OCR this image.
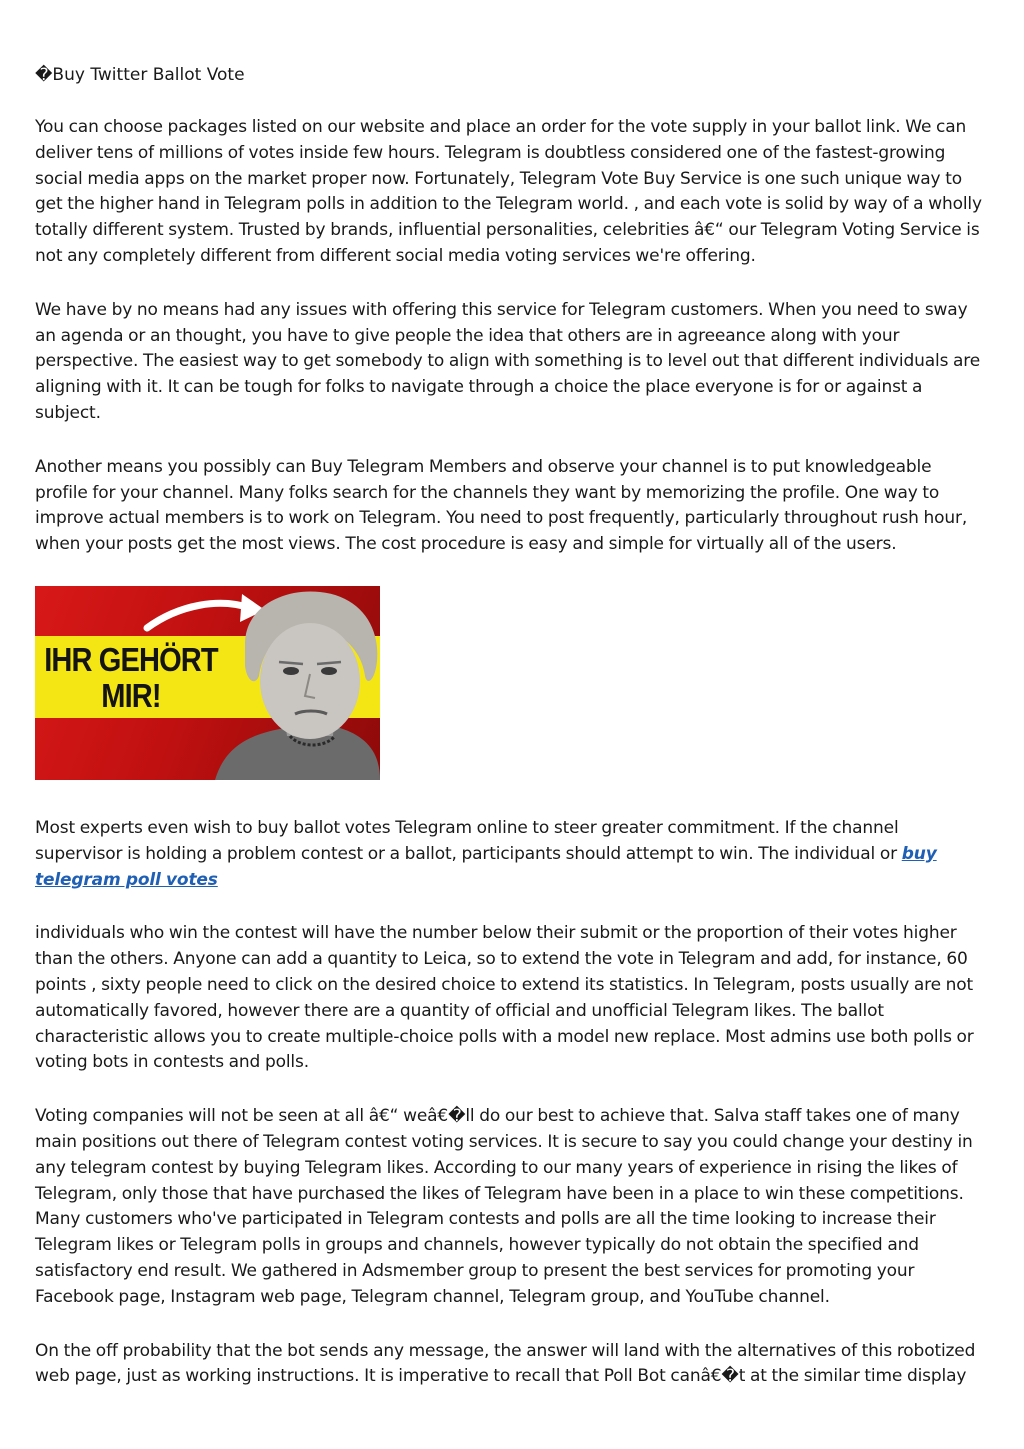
�Buy Twitter Ballot Vote

You can choose packages listed on our website and place an order for the vote supply in your ballot link. We can deliver tens of millions of votes inside few hours. Telegram is doubtless considered one of the fastest-growing social media apps on the market proper now. Fortunately, Telegram Vote Buy Service is one such unique way to get the higher hand in Telegram polls in addition to the Telegram world. , and each vote is solid by way of a wholly totally different system. Trusted by brands, influential personalities, celebrities â€“ our Telegram Voting Service is not any completely different from different social media voting services we're offering.

We have by no means had any issues with offering this service for Telegram customers. When you need to sway an agenda or an thought, you have to give people the idea that others are in agreeance along with your perspective. The easiest way to get somebody to align with something is to level out that different individuals are aligning with it. It can be tough for folks to navigate through a choice the place everyone is for or against a subject.

Another means you possibly can Buy Telegram Members and observe your channel is to put knowledgeable profile for your channel. Many folks search for the channels they want by memorizing the profile. One way to improve actual members is to work on Telegram. You need to post frequently, particularly throughout rush hour, when your posts get the most views. The cost procedure is easy and simple for virtually all of the users.

IHR GEHÖRT
MIR!

Most experts even wish to buy ballot votes Telegram online to steer greater commitment. If the channel supervisor is holding a problem contest or a ballot, participants should attempt to win. The individual or buy telegram poll votes

individuals who win the contest will have the number below their submit or the proportion of their votes higher than the others. Anyone can add a quantity to Leica, so to extend the vote in Telegram and add, for instance, 60 points , sixty people need to click on the desired choice to extend its statistics. In Telegram, posts usually are not automatically favored, however there are a quantity of official and unofficial Telegram likes. The ballot characteristic allows you to create multiple-choice polls with a model new replace. Most admins use both polls or voting bots in contests and polls.

Voting companies will not be seen at all â€“ weâ€�ll do our best to achieve that. Salva staff takes one of many main positions out there of Telegram contest voting services. It is secure to say you could change your destiny in any telegram contest by buying Telegram likes. According to our many years of experience in rising the likes of Telegram, only those that have purchased the likes of Telegram have been in a place to win these competitions. Many customers who've participated in Telegram contests and polls are all the time looking to increase their Telegram likes or Telegram polls in groups and channels, however typically do not obtain the specified and satisfactory end result. We gathered in Adsmember group to present the best services for promoting your Facebook page, Instagram web page, Telegram channel, Telegram group, and YouTube channel.

On the off probability that the bot sends any message, the answer will land with the alternatives of this robotized web page, just as working instructions. It is imperative to recall that Poll Bot canâ€�t at the similar time display
